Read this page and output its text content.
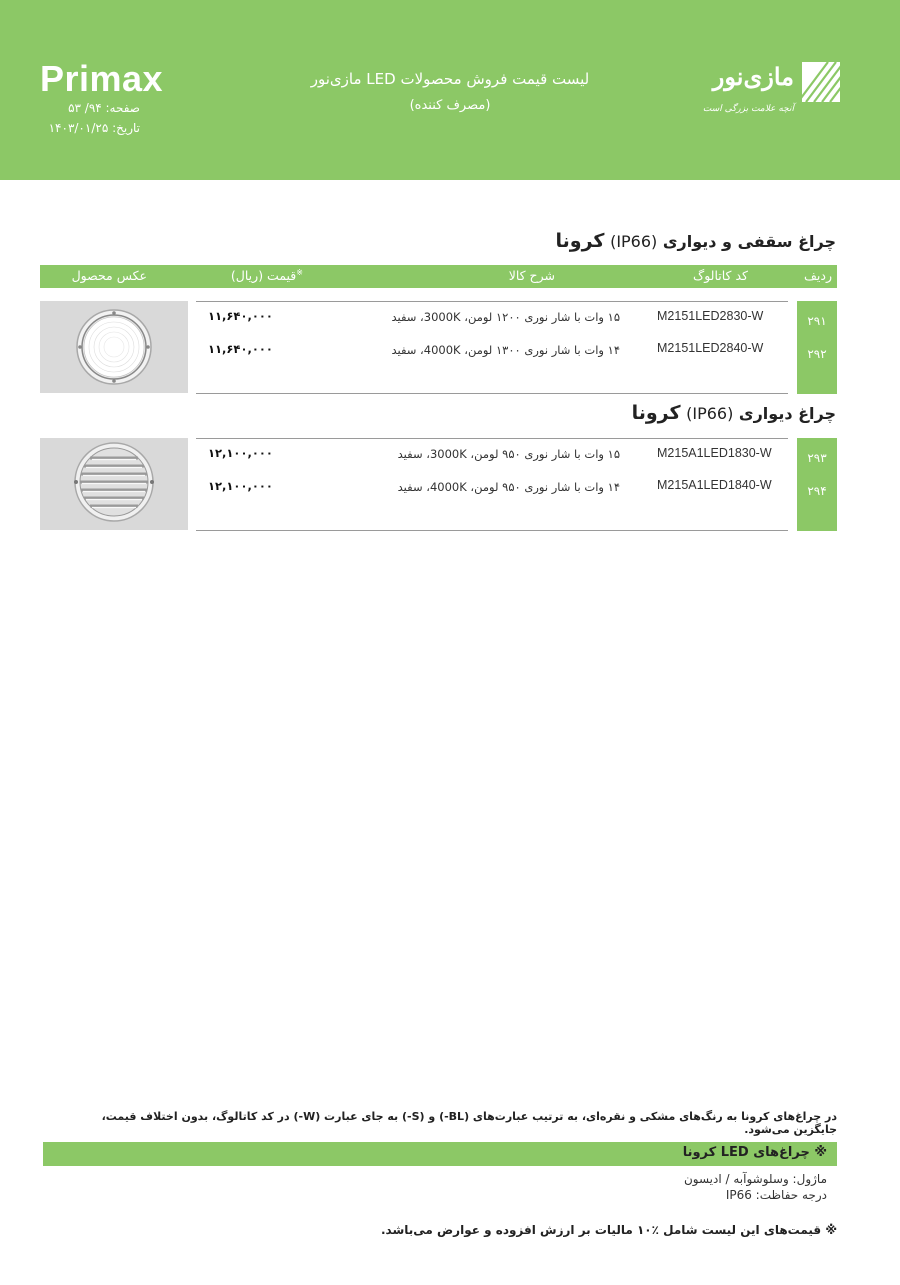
Primax
صفحه: ۹۴/ ۵۳
تاریخ: ۱۴۰۳/۰۱/۲۵
لیست قیمت فروش محصولات LED مازی‌نور
(مصرف کننده)
مازی‌نور
آنچه علامت بزرگی است
چراغ سقفی و دیواری (IP66) کرونا
ردیف
کد کاتالوگ
شرح کالا
※قیمت (ریال)
عکس محصول
۲۹۱
M2151LED2830-W
۱۵ وات با شار نوری ۱۲۰۰ لومن، 3000K، سفید
۱۱,۶۴۰,۰۰۰
۲۹۲
M2151LED2840-W
۱۴ وات با شار نوری ۱۳۰۰ لومن، 4000K، سفید
۱۱,۶۴۰,۰۰۰
چراغ دیواری (IP66) کرونا
۲۹۳
M215A1LED1830-W
۱۵ وات با شار نوری ۹۵۰ لومن، 3000K، سفید
۱۲,۱۰۰,۰۰۰
۲۹۴
M215A1LED1840-W
۱۴ وات با شار نوری ۹۵۰ لومن، 4000K، سفید
۱۲,۱۰۰,۰۰۰
در چراغ‌های کرونا به رنگ‌های مشکی و نقره‌ای، به ترتیب عبارت‌های (BL-) و (S-) به جای عبارت (W-) در کد کاتالوگ، بدون اختلاف قیمت، جایگزین می‌شود.
※ چراغ‌های LED کرونا
ماژول: وسلوشوآبه / ادیسون
درجه حفاظت: IP66
※ قیمت‌های این لیست شامل ٪۱۰ مالیات بر ارزش افزوده و عوارض می‌باشد.
